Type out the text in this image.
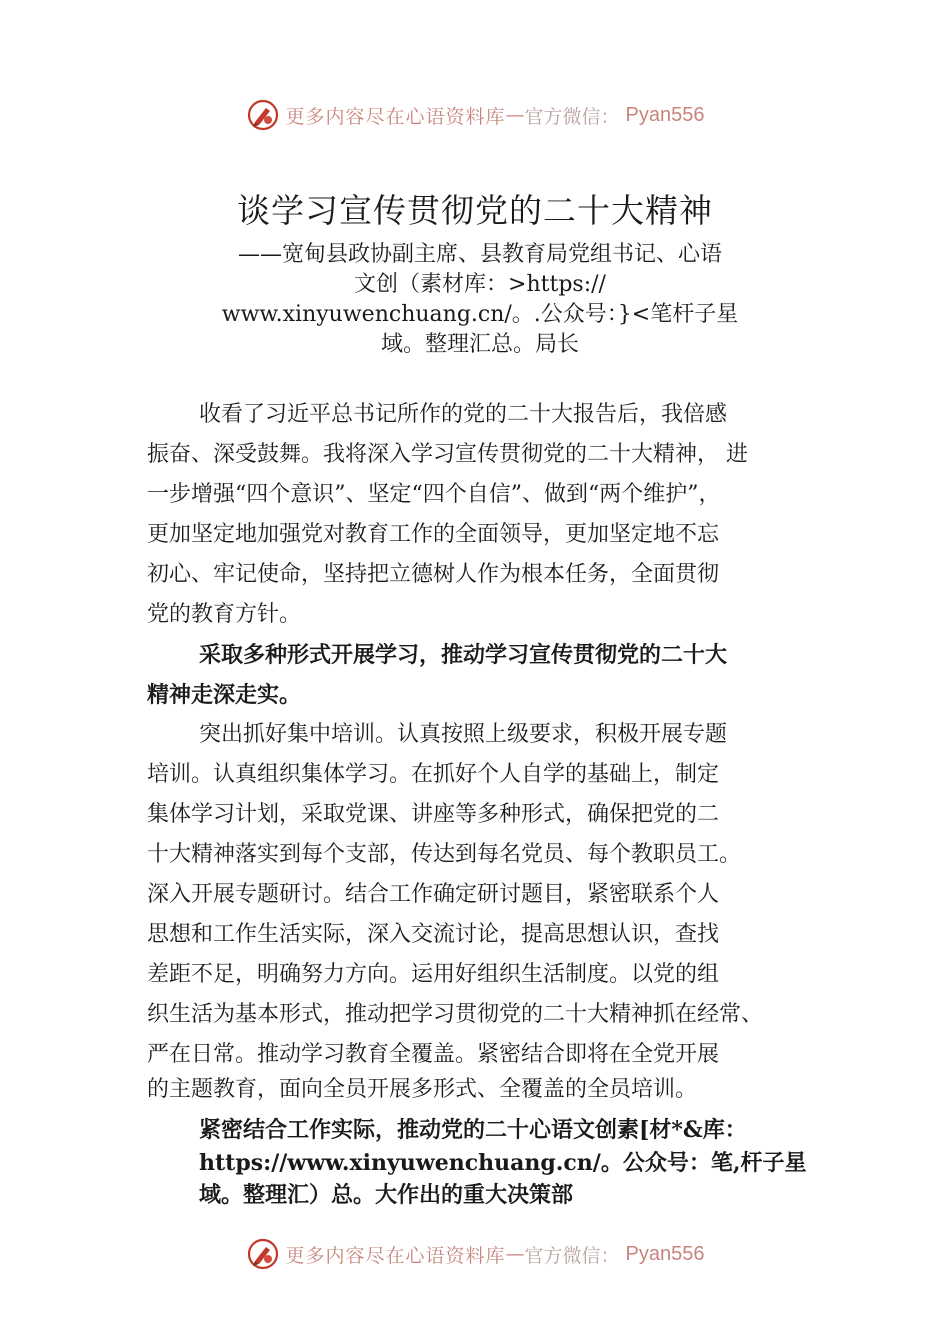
更多内容尽在心语资料库 — 官方微信： Pyan556
谈学习宣传贯彻党的二十大精神
——宽甸县政协副主席、县教育局党组书记、心语
文创（素材库：>https://
www.xinyuwenchuang.cn/。.公众号：}<笔杆子星
域。整理汇总。局长
收看了习近平总书记所作的党的二十大报告后，我倍感
振奋、深受鼓舞。我将深入学习宣传贯彻党的二十大精神， 进
一步增强“四个意识”、坚定“四个自信”、做到“两个维护”，
更加坚定地加强党对教育工作的全面领导，更加坚定地不忘
初心、牢记使命，坚持把立德树人作为根本任务，全面贯彻
党的教育方针。
采取多种形式开展学习，推动学习宣传贯彻党的二十大
精神走深走实。
突出抓好集中培训。认真按照上级要求，积极开展专题
培训。认真组织集体学习。在抓好个人自学的基础上，制定
集体学习计划，采取党课、讲座等多种形式，确保把党的二
十大精神落实到每个支部，传达到每名党员、每个教职员工。
深入开展专题研讨。结合工作确定研讨题目，紧密联系个人
思想和工作生活实际，深入交流讨论，提高思想认识，查找
差距不足，明确努力方向。运用好组织生活制度。以党的组
织生活为基本形式，推动把学习贯彻党的二十大精神抓在经常、
严在日常。推动学习教育全覆盖。紧密结合即将在全党开展
的主题教育，面向全员开展多形式、全覆盖的全员培训。
紧密结合工作实际，推动党的二十心语文创素[材*&库：
https://www.xinyuwenchuang.cn/。公众号：笔,杆子星
域。整理汇）总。大作出的重大决策部
更多内容尽在心语资料库 — 官方微信： Pyan556
